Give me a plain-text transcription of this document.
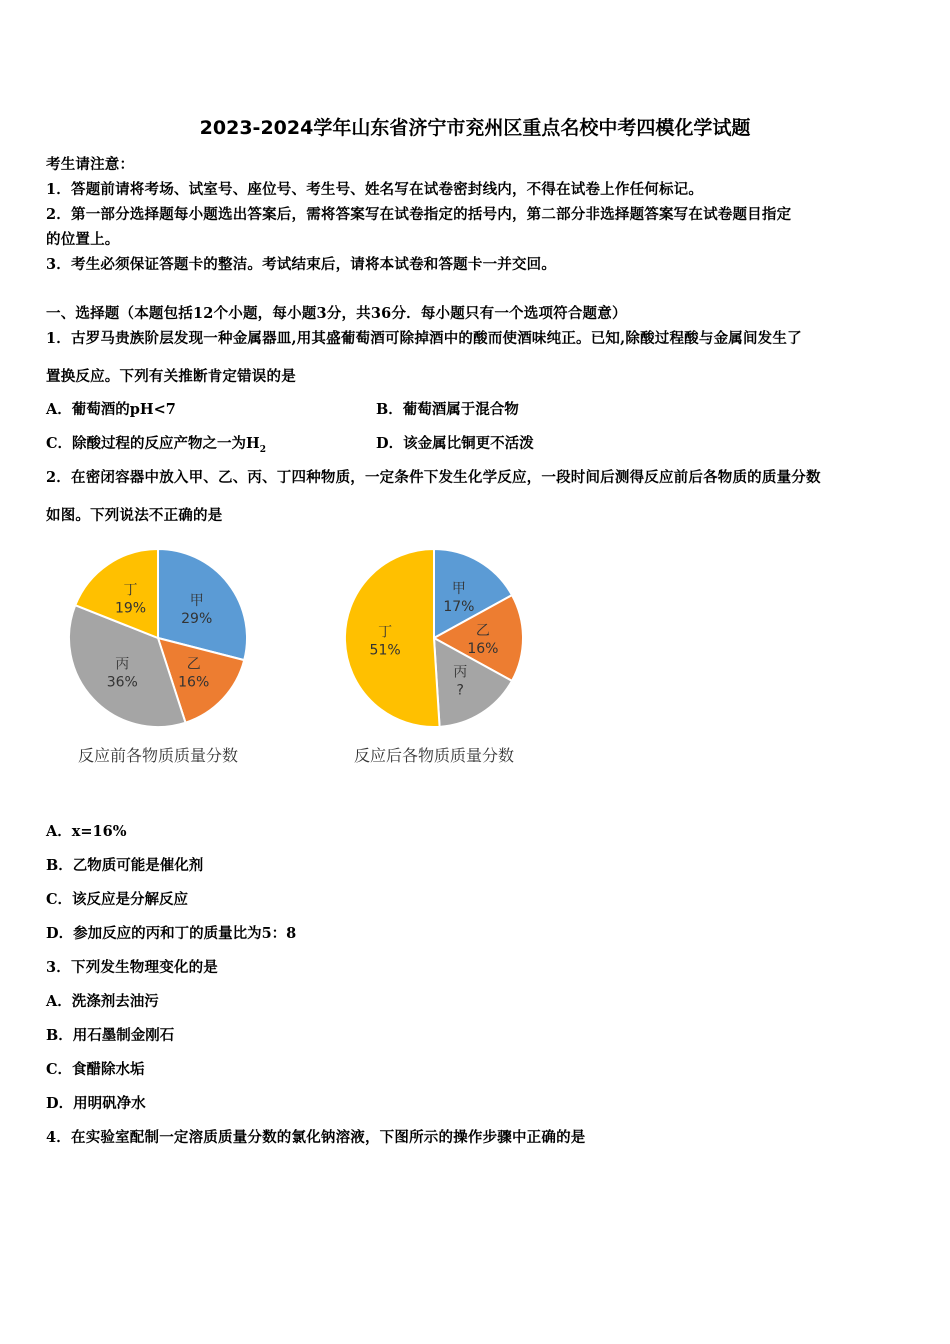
2023-2024学年山东省济宁市兖州区重点名校中考四模化学试题
考生请注意：
1．答题前请将考场、试室号、座位号、考生号、姓名写在试卷密封线内，不得在试卷上作任何标记。
2．第一部分选择题每小题选出答案后，需将答案写在试卷指定的括号内，第二部分非选择题答案写在试卷题目指定
的位置上。
3．考生必须保证答题卡的整洁。考试结束后，请将本试卷和答题卡一并交回。
一、选择题（本题包括12个小题，每小题3分，共36分．每小题只有一个选项符合题意）
1．古罗马贵族阶层发现一种金属器皿,用其盛葡萄酒可除掉酒中的酸而使酒味纯正。已知,除酸过程酸与金属间发生了
置换反应。下列有关推断肯定错误的是
A．葡萄酒的pH<7	B．葡萄酒属于混合物
C．除酸过程的反应产物之一为$H_2$	D．该金属比铜更不活泼
2．在密闭容器中放入甲、乙、丙、丁四种物质，一定条件下发生化学反应，一段时间后测得反应前后各物质的质量分数
如图。下列说法不正确的是
甲
29%
乙
16%
丙
36%
丁
19%
反应前各物质质量分数
甲
17%
乙
16%
丙
?
丁
51%
反应后各物质质量分数
A．x=16%
B．乙物质可能是催化剂
C．该反应是分解反应
D．参加反应的丙和丁的质量比为5：8
3．下列发生物理变化的是
A．洗涤剂去油污
B．用石墨制金刚石
C．食醋除水垢
D．用明矾净水
4．在实验室配制一定溶质质量分数的氯化钠溶液，下图所示的操作步骤中正确的是
